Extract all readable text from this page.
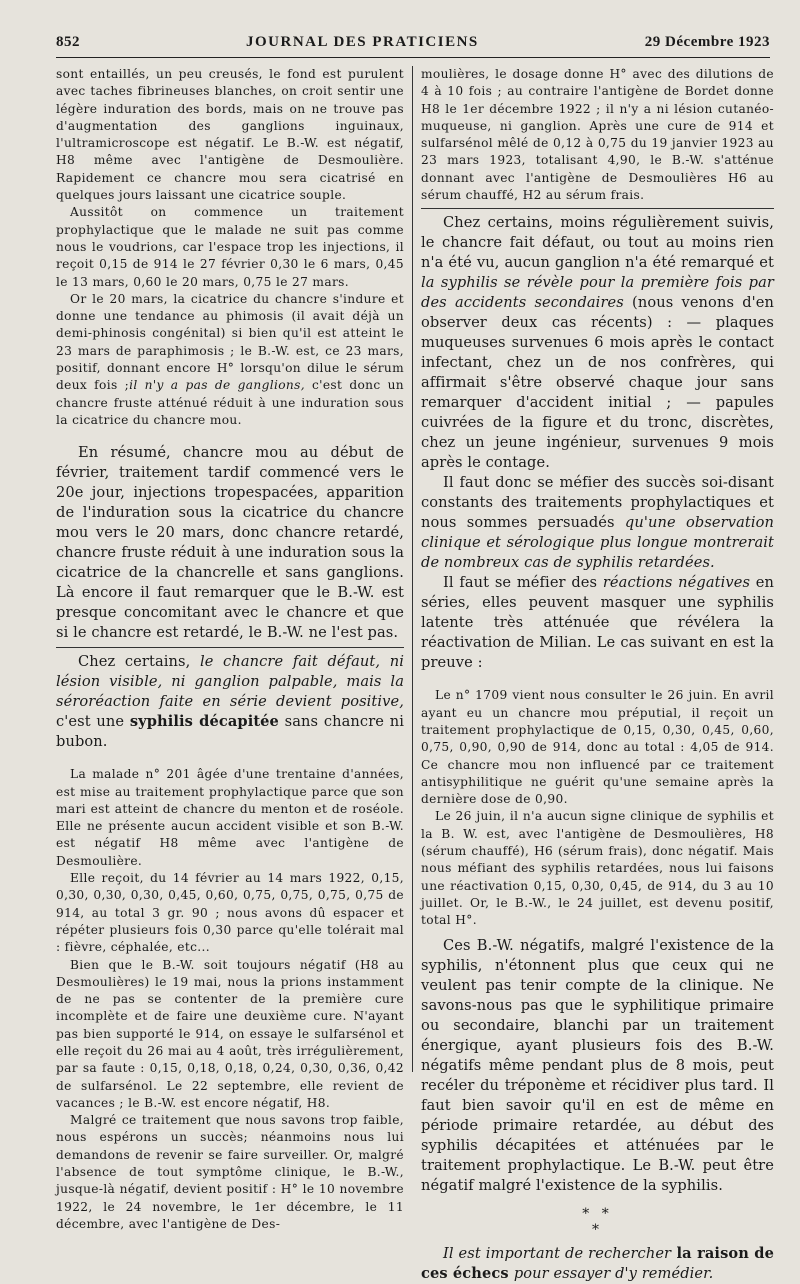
852	JOURNAL DES PRATICIENS	29 Décembre 1923

sont entaillés, un peu creusés, le fond est purulent avec taches fibrineuses blanches, on croit sentir une légère induration des bords, mais on ne trouve pas d'augmentation des ganglions inguinaux, l'ultramicroscope est négatif. Le B.-W. est négatif, H8 même avec l'antigène de Desmoulière. Rapidement ce chancre mou sera cicatrisé en quelques jours laissant une cicatrice souple.

Aussitôt on commence un traitement prophylactique que le malade ne suit pas comme nous le voudrions, car l'espace trop les injections, il reçoit 0,15 de 914 le 27 février 0,30 le 6 mars, 0,45 le 13 mars, 0,60 le 20 mars, 0,75 le 27 mars.

Or le 20 mars, la cicatrice du chancre s'indure et donne une tendance au phimosis (il avait déjà un demi-phinosis congénital) si bien qu'il est atteint le 23 mars de paraphimosis ; le B.-W. est, ce 23 mars, positif, donnant encore H° lorsqu'on dilue le sérum deux fois ;il n'y a pas de ganglions, c'est donc un chancre fruste atténué réduit à une induration sous la cicatrice du chancre mou.

En résumé, chancre mou au début de février, traitement tardif commencé vers le 20e jour, injections tropespacées, apparition de l'induration sous la cicatrice du chancre mou vers le 20 mars, donc chancre retardé, chancre fruste réduit à une induration sous la cicatrice de la chancrelle et sans ganglions. Là encore il faut remarquer que le B.-W. est presque concomitant avec le chancre et que si le chancre est retardé, le B.-W. ne l'est pas.

Chez certains, le chancre fait défaut, ni lésion visible, ni ganglion palpable, mais la séroréaction faite en série devient positive, c'est une syphilis décapitée sans chancre ni bubon.

La malade n° 201 âgée d'une trentaine d'années, est mise au traitement prophylactique parce que son mari est atteint de chancre du menton et de roséole. Elle ne présente aucun accident visible et son B.-W. est négatif H8 même avec l'antigène de Desmoulière.

Elle reçoit, du 14 février au 14 mars 1922, 0,15, 0,30, 0,30, 0,30, 0,45, 0,60, 0,75, 0,75, 0,75, 0,75 de 914, au total 3 gr. 90 ; nous avons dû espacer et répéter plusieurs fois 0,30 parce qu'elle tolérait mal : fièvre, céphalée, etc...

Bien que le B.-W. soit toujours négatif (H8 au Desmoulières) le 19 mai, nous la prions instamment de ne pas se contenter de la première cure incomplète et de faire une deuxième cure. N'ayant pas bien supporté le 914, on essaye le sulfarsénol et elle reçoit du 26 mai au 4 août, très irrégulièrement, par sa faute : 0,15, 0,18, 0,18, 0,24, 0,30, 0,36, 0,42 de sulfarsénol. Le 22 septembre, elle revient de vacances ; le B.-W. est encore négatif, H8.

Malgré ce traitement que nous savons trop faible, nous espérons un succès; néanmoins nous lui demandons de revenir se faire surveiller. Or, malgré l'absence de tout symptôme clinique, le B.-W., jusque-là négatif, devient positif : H° le 10 novembre 1922, le 24 novembre, le 1er décembre, le 11 décembre, avec l'antigène de Des-

moulières, le dosage donne H° avec des dilutions de 4 à 10 fois ; au contraire l'antigène de Bordet donne H8 le 1er décembre 1922 ; il n'y a ni lésion cutanéo-muqueuse, ni ganglion. Après une cure de 914 et sulfarsénol mêlé de 0,12 à 0,75 du 19 janvier 1923 au 23 mars 1923, totalisant 4,90, le B.-W. s'atténue donnant avec l'antigène de Desmoulières H6 au sérum chauffé, H2 au sérum frais.

Chez certains, moins régulièrement suivis, le chancre fait défaut, ou tout au moins rien n'a été vu, aucun ganglion n'a été remarqué et la syphilis se révèle pour la première fois par des accidents secondaires (nous venons d'en observer deux cas récents) : — plaques muqueuses survenues 6 mois après le contact infectant, chez un de nos confrères, qui affirmait s'être observé chaque jour sans remarquer d'accident initial ; — papules cuivrées de la figure et du tronc, discrètes, chez un jeune ingénieur, survenues 9 mois après le contage.

Il faut donc se méfier des succès soi-disant constants des traitements prophylactiques et nous sommes persuadés qu'une observation clinique et sérologique plus longue montrerait de nombreux cas de syphilis retardées.

Il faut se méfier des réactions négatives en séries, elles peuvent masquer une syphilis latente très atténuée que révélera la réactivation de Milian. Le cas suivant en est la preuve :

Le n° 1709 vient nous consulter le 26 juin. En avril ayant eu un chancre mou préputial, il reçoit un traitement prophylactique de 0,15, 0,30, 0,45, 0,60, 0,75, 0,90, 0,90 de 914, donc au total : 4,05 de 914. Ce chancre mou non influencé par ce traitement antisyphilitique ne guérit qu'une semaine après la dernière dose de 0,90.

Le 26 juin, il n'a aucun signe clinique de syphilis et la B. W. est, avec l'antigène de Desmoulières, H8 (sérum chauffé), H6 (sérum frais), donc négatif. Mais nous méfiant des syphilis retardées, nous lui faisons une réactivation 0,15, 0,30, 0,45, de 914, du 3 au 10 juillet. Or, le B.-W., le 24 juillet, est devenu positif, total H°.

Ces B.-W. négatifs, malgré l'existence de la syphilis, n'étonnent plus que ceux qui ne veulent pas tenir compte de la clinique. Ne savons-nous pas que le syphilitique primaire ou secondaire, blanchi par un traitement énergique, ayant plusieurs fois des B.-W. négatifs même pendant plus de 8 mois, peut recéler du tréponème et récidiver plus tard. Il faut bien savoir qu'il en est de même en période primaire retardée, au début des syphilis décapitées et atténuées par le traitement prophylactique. Le B.-W. peut être négatif malgré l'existence de la syphilis.

* *
*

Il est important de rechercher la raison de ces échecs pour essayer d'y remédier.
